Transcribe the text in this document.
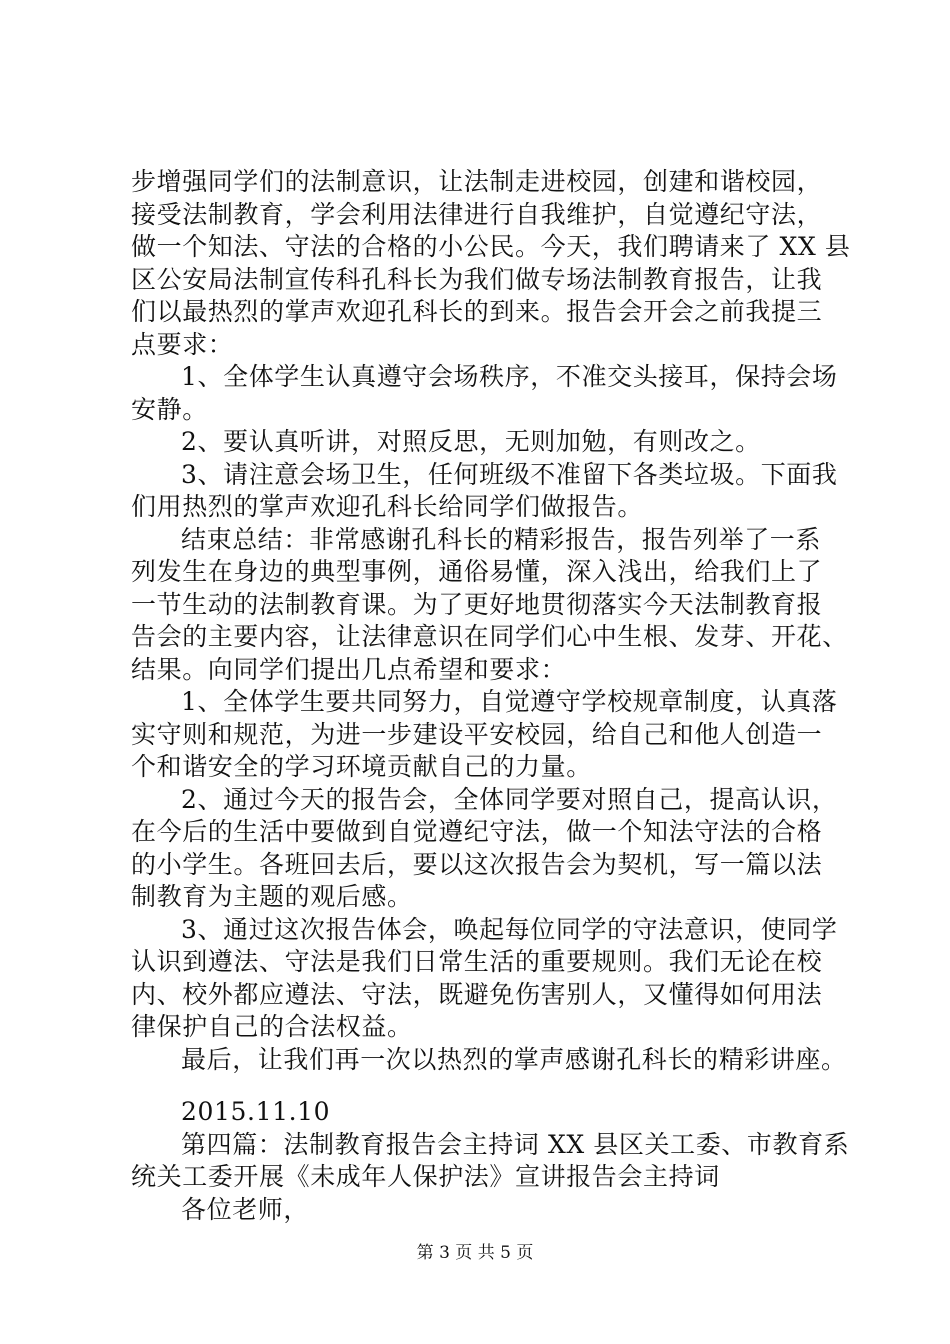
步增强同学们的法制意识，让法制走进校园，创建和谐校园，
接受法制教育，学会利用法律进行自我维护，自觉遵纪守法，
做一个知法、守法的合格的小公民。今天，我们聘请来了 XX 县
区公安局法制宣传科孔科长为我们做专场法制教育报告，让我
们以最热烈的掌声欢迎孔科长的到来。报告会开会之前我提三
点要求：
1、全体学生认真遵守会场秩序，不准交头接耳，保持会场
安静。
2、要认真听讲，对照反思，无则加勉，有则改之。
3、请注意会场卫生，任何班级不准留下各类垃圾。下面我
们用热烈的掌声欢迎孔科长给同学们做报告。
结束总结：非常感谢孔科长的精彩报告，报告列举了一系
列发生在身边的典型事例，通俗易懂，深入浅出，给我们上了
一节生动的法制教育课。为了更好地贯彻落实今天法制教育报
告会的主要内容，让法律意识在同学们心中生根、发芽、开花、
结果。向同学们提出几点希望和要求：
1、全体学生要共同努力，自觉遵守学校规章制度，认真落
实守则和规范，为进一步建设平安校园，给自己和他人创造一
个和谐安全的学习环境贡献自己的力量。
2、通过今天的报告会，全体同学要对照自己，提高认识，
在今后的生活中要做到自觉遵纪守法，做一个知法守法的合格
的小学生。各班回去后，要以这次报告会为契机，写一篇以法
制教育为主题的观后感。
3、通过这次报告体会，唤起每位同学的守法意识，使同学
认识到遵法、守法是我们日常生活的重要规则。我们无论在校
内、校外都应遵法、守法，既避免伤害别人，又懂得如何用法
律保护自己的合法权益。
最后，让我们再一次以热烈的掌声感谢孔科长的精彩讲座。
2015.11.10
第四篇：法制教育报告会主持词 XX 县区关工委、市教育系
统关工委开展《未成年人保护法》宣讲报告会主持词
各位老师，
第 3 页 共 5 页
